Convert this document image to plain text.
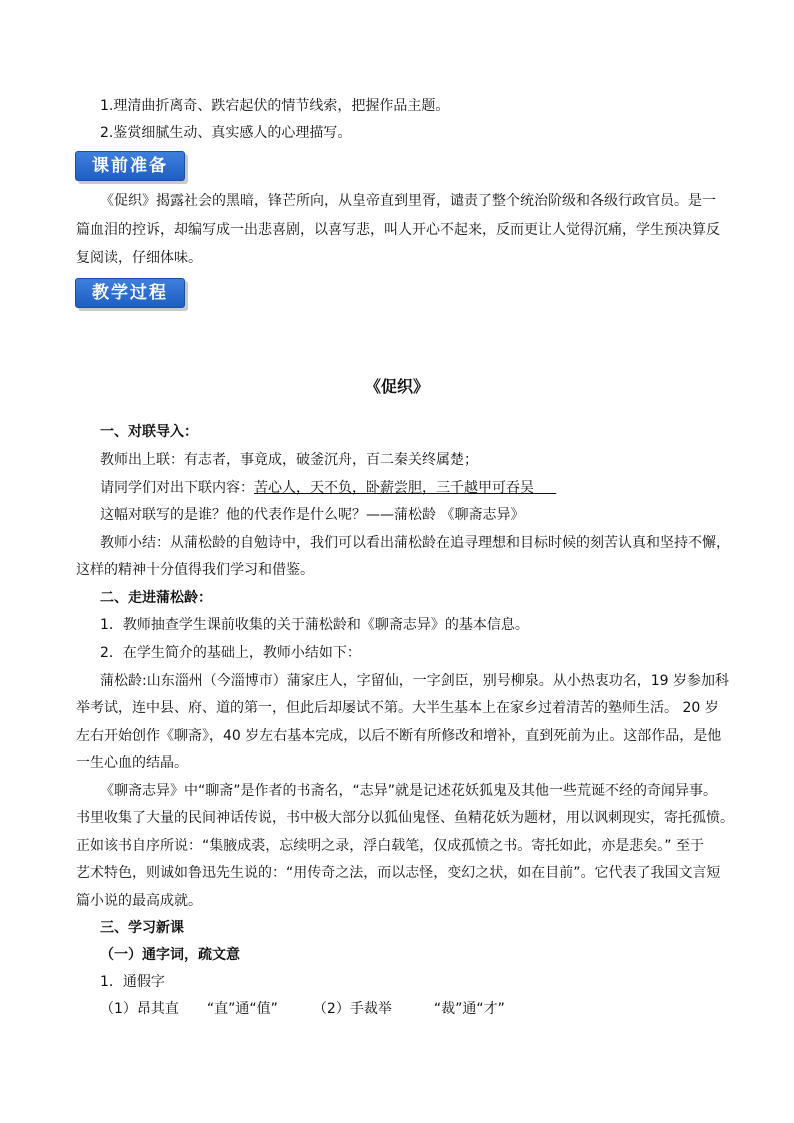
1.理清曲折离奇、跌宕起伏的情节线索，把握作品主题。
2.鉴赏细腻生动、真实感人的心理描写。
课前准备
《促织》揭露社会的黑暗，锋芒所向，从皇帝直到里胥，谴责了整个统治阶级和各级行政官员。是一
篇血泪的控诉，却编写成一出悲喜剧，以喜写悲，叫人开心不起来，反而更让人觉得沉痛，学生预决算反
复阅读，仔细体味。
教学过程
《促织》
一、对联导入：
教师出上联：有志者，事竟成，破釜沉舟，百二秦关终属楚；
请同学们对出下联内容：苦心人，天不负，卧薪尝胆，三千越甲可吞吴
这幅对联写的是谁？他的代表作是什么呢？——蒲松龄 《聊斋志异》
教师小结：从蒲松龄的自勉诗中，我们可以看出蒲松龄在追寻理想和目标时候的刻苦认真和坚持不懈，
这样的精神十分值得我们学习和借鉴。
二、走进蒲松龄：
1．教师抽查学生课前收集的关于蒲松龄和《聊斋志异》的基本信息。
2．在学生简介的基础上，教师小结如下：
蒲松龄:山东淄州（今淄博市）蒲家庄人，字留仙，一字剑臣，别号柳泉。从小热衷功名，19 岁参加科
举考试，连中县、府、道的第一，但此后却屡试不第。大半生基本上在家乡过着清苦的塾师生活。 20 岁
左右开始创作《聊斋》，40 岁左右基本完成，以后不断有所修改和增补，直到死前为止。这部作品，是他
一生心血的结晶。
《聊斋志异》中“聊斋”是作者的书斋名，“志异”就是记述花妖狐鬼及其他一些荒诞不经的奇闻异事。
书里收集了大量的民间神话传说，书中极大部分以狐仙鬼怪、鱼精花妖为题材，用以讽刺现实，寄托孤愤。
正如该书自序所说：“集腋成裘，忘续明之录，浮白载笔，仅成孤愤之书。寄托如此，亦是悲矣。” 至于
艺术特色，则诚如鲁迅先生说的：“用传奇之法，而以志怪，变幻之状，如在目前”。它代表了我国文言短
篇小说的最高成就。
三、学习新课
（一）通字词，疏文意
1．通假字
（1）昂其直　　“直”通“值”　　　（2）手裁举　　　“裁”通“才”
